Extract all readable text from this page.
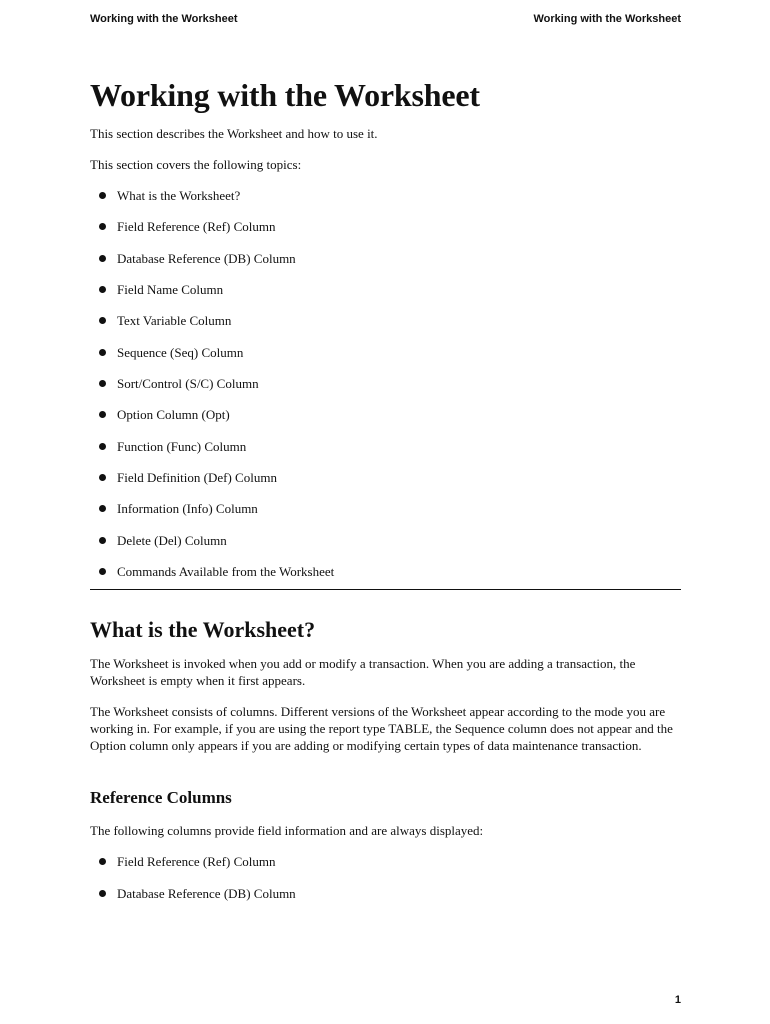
Working with the Worksheet	Working with the Worksheet
Working with the Worksheet

This section describes the Worksheet and how to use it.

This section covers the following topics:

What is the Worksheet?
Field Reference (Ref) Column
Database Reference (DB) Column
Field Name Column
Text Variable Column
Sequence (Seq) Column
Sort/Control (S/C) Column
Option Column (Opt)
Function (Func) Column
Field Definition (Def) Column
Information (Info) Column
Delete (Del) Column
Commands Available from the Worksheet
What is the Worksheet?

The Worksheet is invoked when you add or modify a transaction. When you are adding a transaction, the Worksheet is empty when it first appears.

The Worksheet consists of columns. Different versions of the Worksheet appear according to the mode you are working in. For example, if you are using the report type TABLE, the Sequence column does not appear and the Option column only appears if you are adding or modifying certain types of data maintenance transaction.

Reference Columns

The following columns provide field information and are always displayed:

Field Reference (Ref) Column
Database Reference (DB) Column
1
